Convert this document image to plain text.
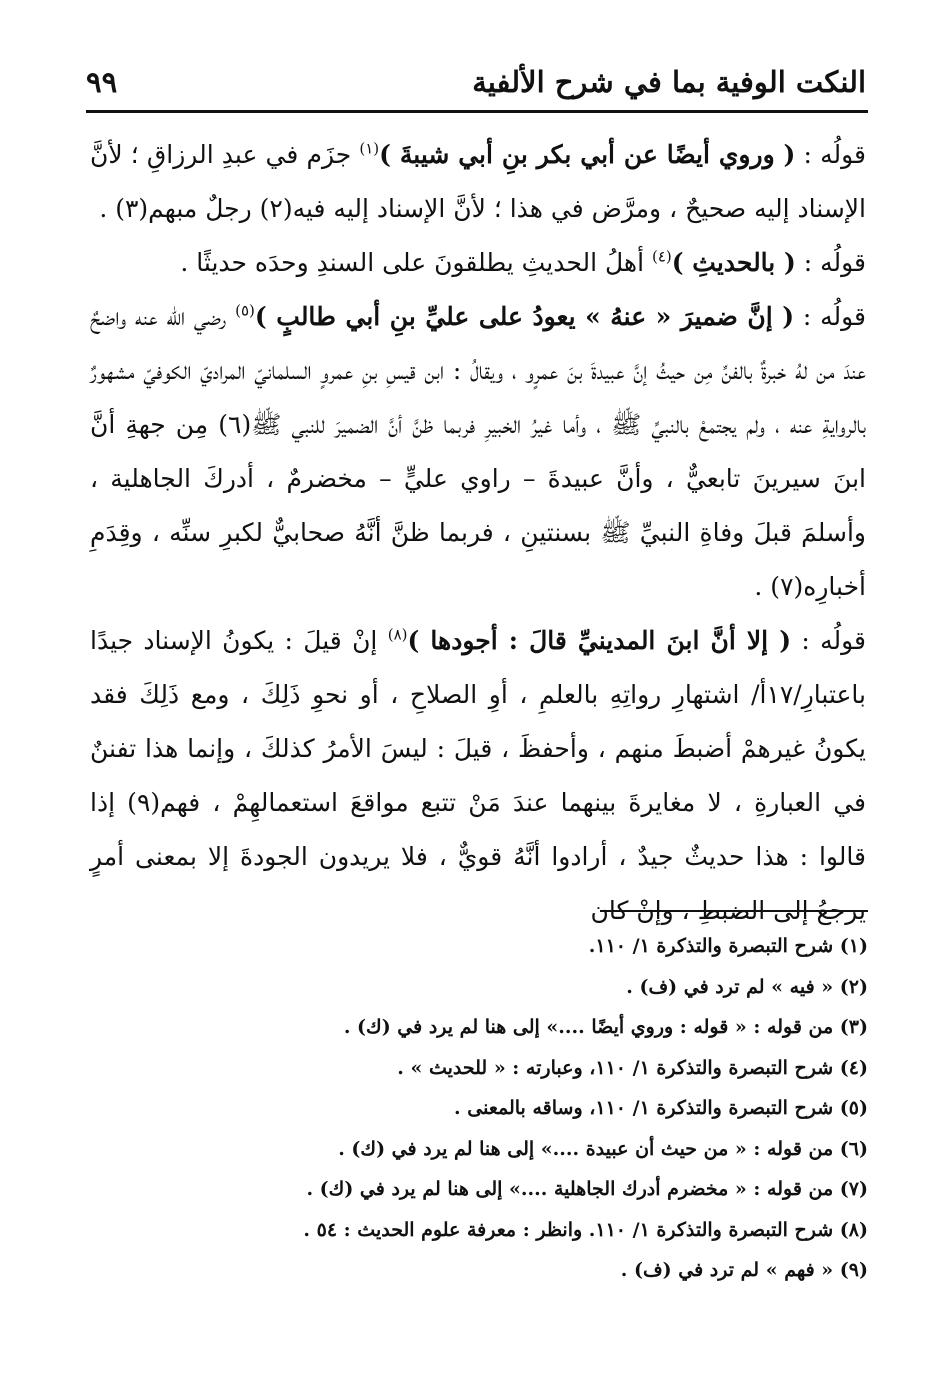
النكت الوفية بما في شرح الألفية
٩٩

قولُه : ( وروي أيضًا عن أبي بكر بنِ أبي شيبةَ )$^{(١)}$ جزَم في عبدِ الرزاقِ ؛ لأنَّ الإسناد إليه صحيحٌ ، ومرَّض في هذا ؛ لأنَّ الإسناد إليه فيه(٢) رجلٌ مبهم(٣) .

قولُه : ( بالحديثِ )$^{(٤)}$ أهلُ الحديثِ يطلقونَ على السندِ وحدَه حديثًا .

قولُه : ( إنَّ ضميرَ « عنهُ » يعودُ على عليِّ بنِ أبي طالبٍ )$^{(٥)}$ رضي اللّٰه عنه واضحٌ عندَ من لهُ خبرةٌ بالفنِّ مِن حيثُ إنَّ عبيدةَ بنَ عمرٍو ، ويقالُ : ابن قيسِ بنِ عمروٍ السلمانيّ المراديّ الكوفيّ مشهورٌ بالروايةِ عنه ، ولم يجتمعْ بالنبيِّ ﷺ ، وأما غيرُ الخبيرِ فربما ظنَّ أنَّ الضميرَ للنبي ﷺ(٦) مِن جهةِ أنَّ ابنَ سيرينَ تابعيٌّ ، وأنَّ عبيدةَ – راوي عليٍّ – مخضرمٌ ، أدركَ الجاهلية ، وأسلمَ قبلَ وفاةِ النبيِّ ﷺ بسنتينِ ، فربما ظنَّ أنَّهُ صحابيٌّ لكبرِ سنِّه ، وقِدَمِ أخبارِه(٧) .

قولُه : ( إلا أنَّ ابنَ المدينيِّ قالَ : أجودها )$^{(٨)}$ إنْ قيلَ : يكونُ الإسناد جيدًا باعتبارِ/١٧أ/ اشتهارِ رواتِهِ بالعلمِ ، أوِ الصلاحِ ، أو نحوِ ذَلِكَ ، ومع ذَلِكَ فقد يكونُ غيرهمْ أضبطَ منهم ، وأحفظَ ، قيلَ : ليسَ الأمرُ كذلكَ ، وإنما هذا تفننٌ في العبارةِ ، لا مغايرةَ بينهما عندَ مَنْ تتبع مواقعَ استعمالهِمْ ، فهم(٩) إذا قالوا : هذا حديثٌ جيدٌ ، أرادوا أنَّهُ قويٌّ ، فلا يريدون الجودةَ إلا بمعنى أمرٍ يرجعُ إلى الضبطِ ، وإنْ كان

(١) شرح التبصرة والتذكرة ١/ ١١٠.

(٢) « فيه » لم ترد في (ف) .

(٣) من قوله : « قوله : وروي أيضًا ....» إلى هنا لم يرد في (ك) .

(٤) شرح التبصرة والتذكرة ١/ ١١٠، وعبارته : « للحديث » .

(٥) شرح التبصرة والتذكرة ١/ ١١٠، وساقه بالمعنى .

(٦) من قوله : « من حيث أن عبيدة ....» إلى هنا لم يرد في (ك) .

(٧) من قوله : « مخضرم أدرك الجاهلية ....» إلى هنا لم يرد في (ك) .

(٨) شرح التبصرة والتذكرة ١/ ١١٠. وانظر : معرفة علوم الحديث : ٥٤ .

(٩) « فهم » لم ترد في (ف) .
